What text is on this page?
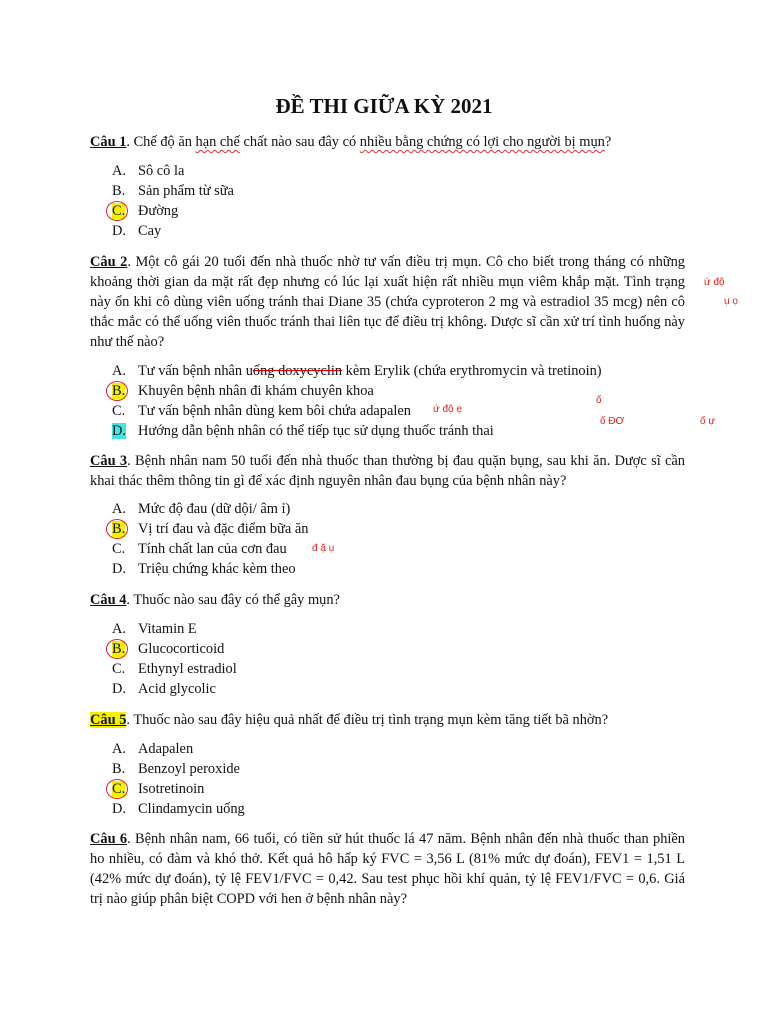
ĐỀ THI GIỮA KỲ 2021
Câu 1. Chế độ ăn hạn chế chất nào sau đây có nhiều bằng chứng có lợi cho người bị mụn?
A. Sô cô la
B. Sản phẩm từ sữa
C. Đường
D. Cay
Câu 2. Một cô gái 20 tuổi đến nhà thuốc nhờ tư vấn điều trị mụn. Cô cho biết trong tháng có những khoảng thời gian da mặt rất đẹp nhưng có lúc lại xuất hiện rất nhiều mụn viêm khắp mặt. Tình trạng này ổn khi cô dùng viên uống tránh thai Diane 35 (chứa cyproteron 2 mg và estradiol 35 mcg) nên cô thắc mắc có thể uống viên thuốc tránh thai liên tục để điều trị không. Dược sĩ cần xử trí tình huống này như thế nào?
ứ độ
ụ ọ
A. Tư vấn bệnh nhân uống doxycyclin kèm Erylik (chứa erythromycin và tretinoin)
B. Khuyên bệnh nhân đi khám chuyên khoa
C. Tư vấn bệnh nhân dùng kem bôi chứa adapalen ứ độ ẹ
ố
ố ĐƠ	ố ự
D. Hướng dẫn bệnh nhân có thể tiếp tục sử dụng thuốc tránh thai
Câu 3. Bệnh nhân nam 50 tuổi đến nhà thuốc than thường bị đau quặn bụng, sau khi ăn. Dược sĩ cần khai thác thêm thông tin gì để xác định nguyên nhân đau bụng của bệnh nhân này?
A. Mức độ đau (dữ dội/ âm ỉ)
B. Vị trí đau và đặc điểm bữa ăn
C. Tính chất lan của cơn đau	đ ặ ụ
D. Triệu chứng khác kèm theo
Câu 4. Thuốc nào sau đây có thể gây mụn?
A. Vitamin E
B. Glucocorticoid
C. Ethynyl estradiol
D. Acid glycolic
Câu 5. Thuốc nào sau đây hiệu quả nhất để điều trị tình trạng mụn kèm tăng tiết bã nhờn?
A. Adapalen
B. Benzoyl peroxide
C. Isotretinoin
D. Clindamycin uống
Câu 6. Bệnh nhân nam, 66 tuổi, có tiền sử hút thuốc lá 47 năm. Bệnh nhân đến nhà thuốc than phiền ho nhiều, có đàm và khó thở. Kết quả hô hấp ký FVC = 3,56 L (81% mức dự đoán), FEV1 = 1,51 L (42% mức dự đoán), tỷ lệ FEV1/FVC = 0,42. Sau test phục hồi khí quản, tỷ lệ FEV1/FVC = 0,6. Giá trị nào giúp phân biệt COPD với hen ở bệnh nhân này?
